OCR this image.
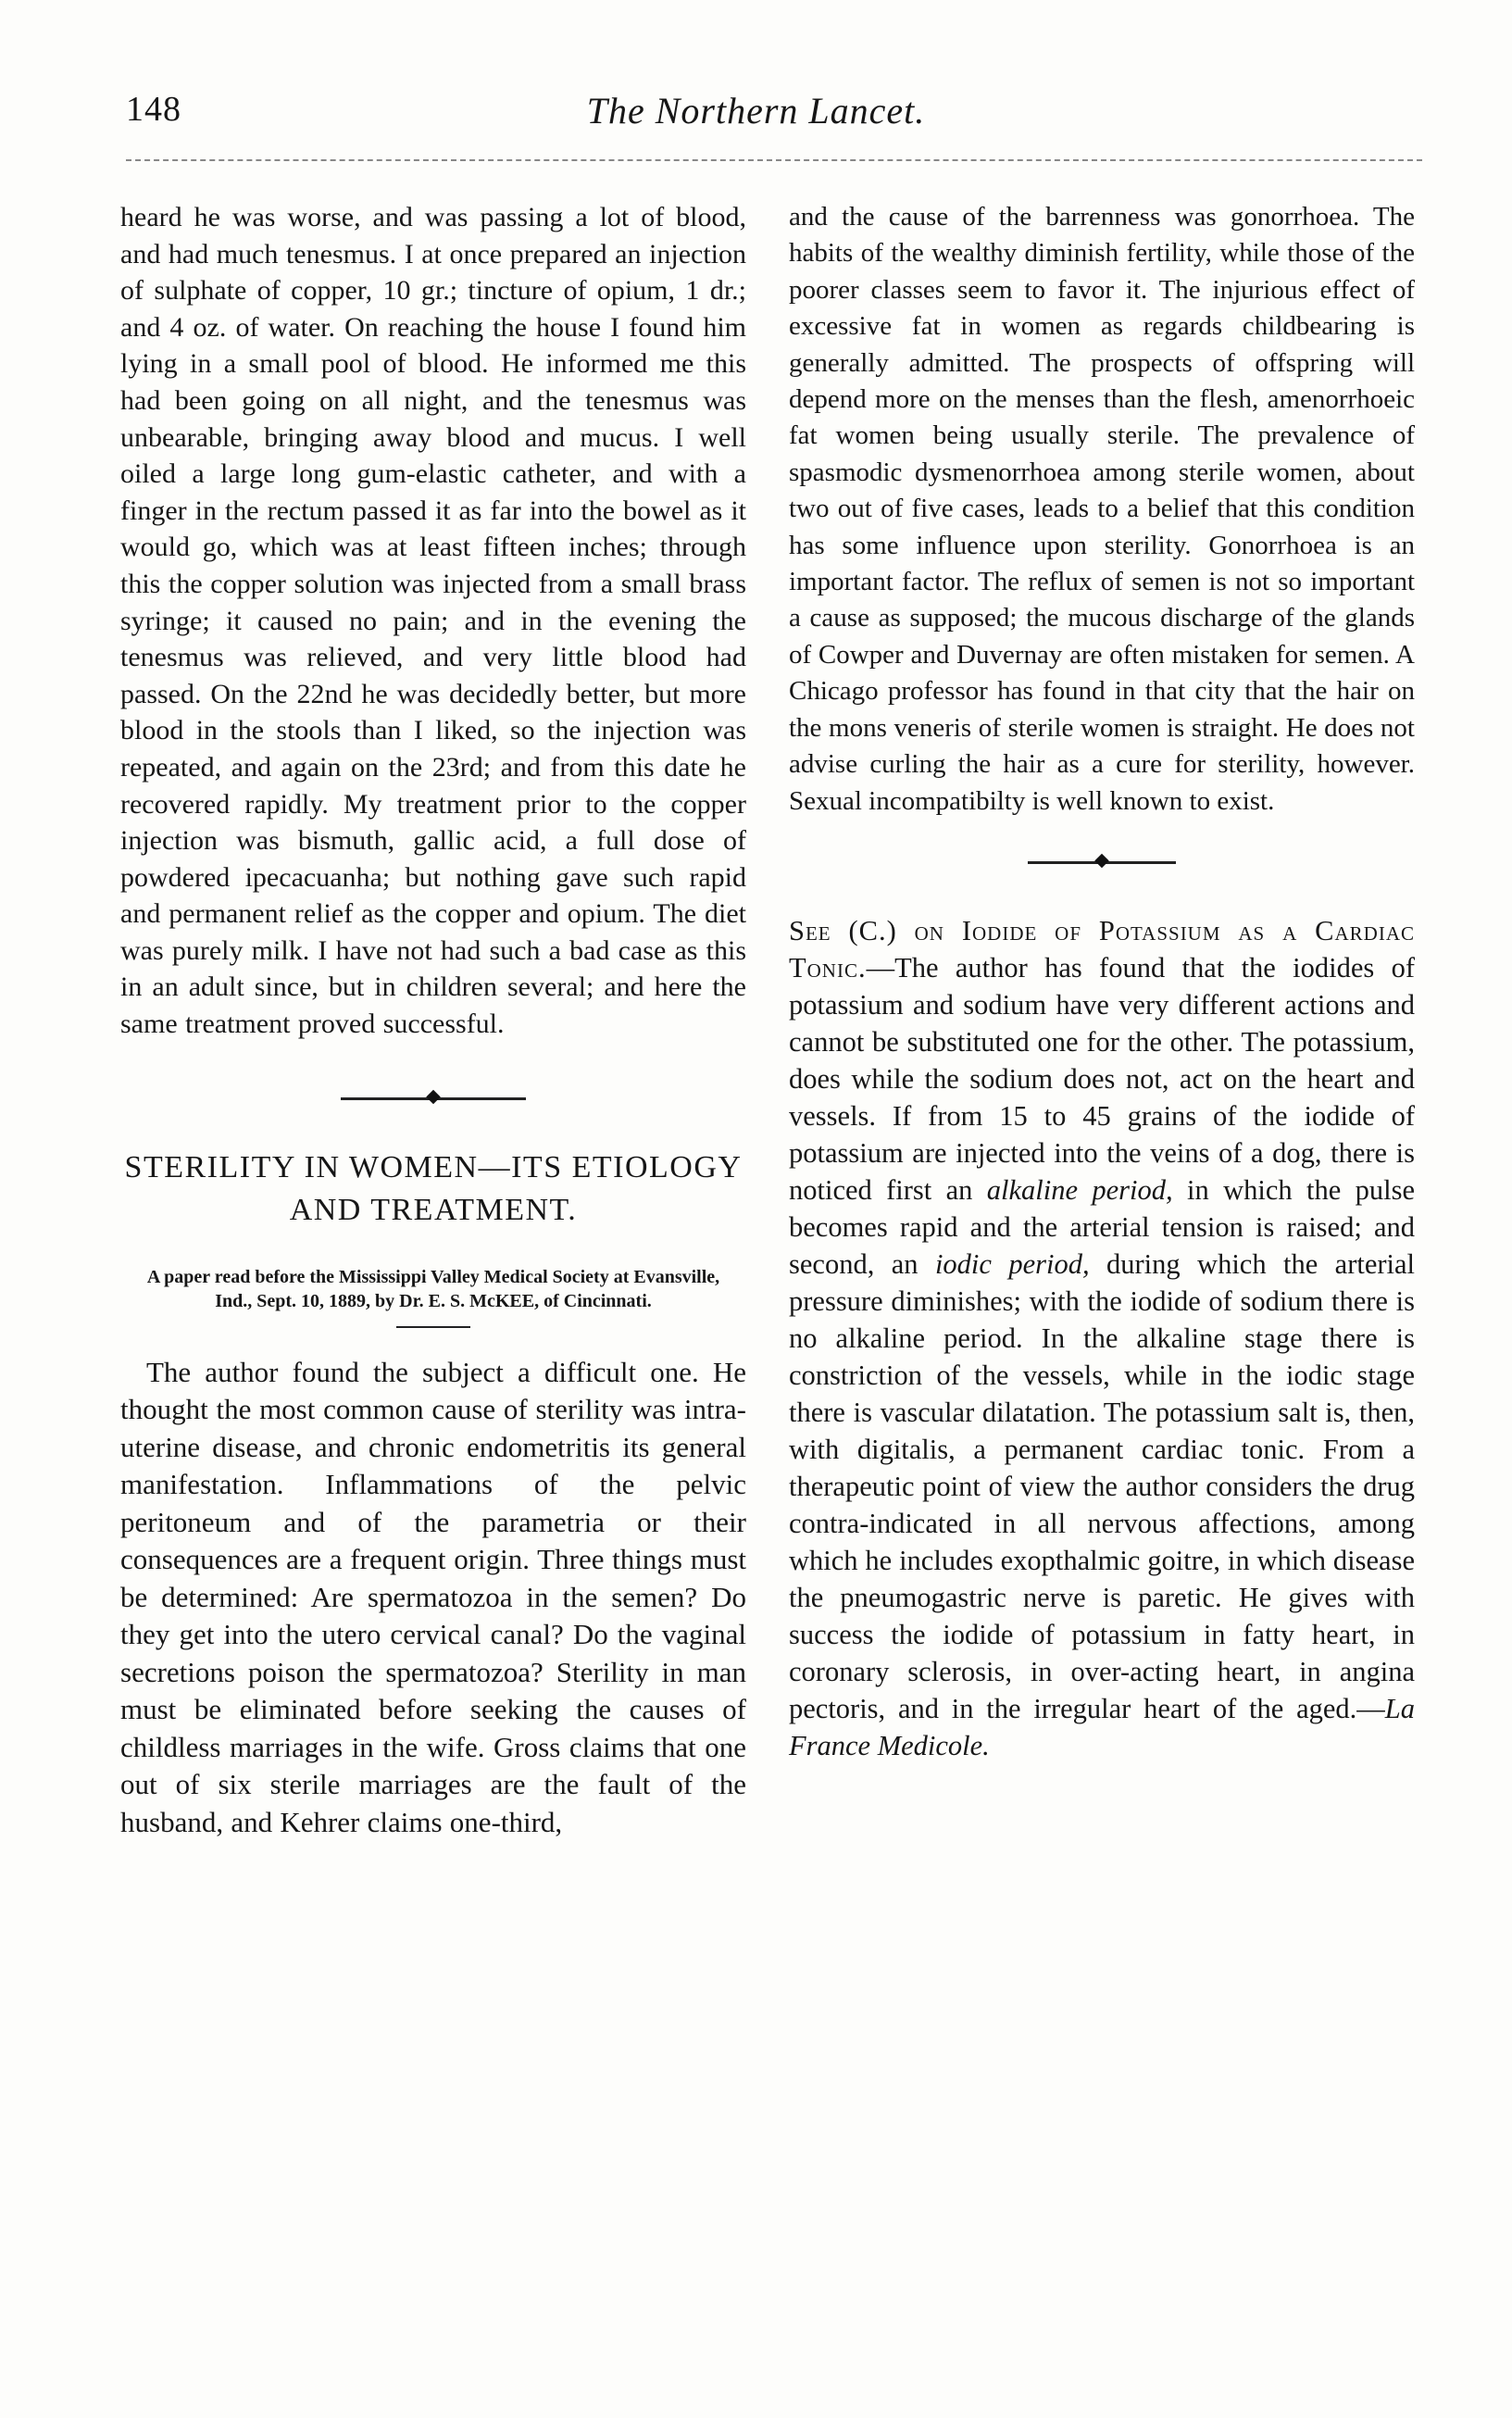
148	The Northern Lancet.

heard he was worse, and was passing a lot of blood, and had much tenesmus. I at once prepared an injection of sulphate of copper, 10 gr.; tincture of opium, 1 dr.; and 4 oz. of water. On reaching the house I found him lying in a small pool of blood. He informed me this had been going on all night, and the tenesmus was unbearable, bringing away blood and mucus. I well oiled a large long gum-elastic catheter, and with a finger in the rectum passed it as far into the bowel as it would go, which was at least fifteen inches; through this the copper solution was injected from a small brass syringe; it caused no pain; and in the evening the tenesmus was relieved, and very little blood had passed. On the 22nd he was decidedly better, but more blood in the stools than I liked, so the injection was repeated, and again on the 23rd; and from this date he recovered rapidly. My treatment prior to the copper injection was bismuth, gallic acid, a full dose of powdered ipecacuanha; but nothing gave such rapid and permanent relief as the copper and opium. The diet was purely milk. I have not had such a bad case as this in an adult since, but in children several; and here the same treatment proved successful.

STERILITY IN WOMEN—ITS ETIOLOGY AND TREATMENT.
A paper read before the Mississippi Valley Medical Society at Evansville, Ind., Sept. 10, 1889, by Dr. E. S. McKEE, of Cincinnati.

The author found the subject a difficult one. He thought the most common cause of sterility was intra-uterine disease, and chronic endometritis its general manifestation. Inflammations of the pelvic peritoneum and of the parametria or their consequences are a frequent origin. Three things must be determined: Are spermatozoa in the semen? Do they get into the utero cervical canal? Do the vaginal secretions poison the spermatozoa? Sterility in man must be eliminated before seeking the causes of childless marriages in the wife. Gross claims that one out of six sterile marriages are the fault of the husband, and Kehrer claims one-third,

and the cause of the barrenness was gonorrhoea. The habits of the wealthy diminish fertility, while those of the poorer classes seem to favor it. The injurious effect of excessive fat in women as regards childbearing is generally admitted. The prospects of offspring will depend more on the menses than the flesh, amenorrhoeic fat women being usually sterile. The prevalence of spasmodic dysmenorrhoea among sterile women, about two out of five cases, leads to a belief that this condition has some influence upon sterility. Gonorrhoea is an important factor. The reflux of semen is not so important a cause as supposed; the mucous discharge of the glands of Cowper and Duvernay are often mistaken for semen. A Chicago professor has found in that city that the hair on the mons veneris of sterile women is straight. He does not advise curling the hair as a cure for sterility, however. Sexual incompatibilty is well known to exist.

See (C.) on Iodide of Potassium as a Cardiac Tonic.—The author has found that the iodides of potassium and sodium have very different actions and cannot be substituted one for the other. The potassium, does while the sodium does not, act on the heart and vessels. If from 15 to 45 grains of the iodide of potassium are injected into the veins of a dog, there is noticed first an alkaline period, in which the pulse becomes rapid and the arterial tension is raised; and second, an iodic period, during which the arterial pressure diminishes; with the iodide of sodium there is no alkaline period. In the alkaline stage there is constriction of the vessels, while in the iodic stage there is vascular dilatation. The potassium salt is, then, with digitalis, a permanent cardiac tonic. From a therapeutic point of view the author considers the drug contra-indicated in all nervous affections, among which he includes exopthalmic goitre, in which disease the pneumogastric nerve is paretic. He gives with success the iodide of potassium in fatty heart, in coronary sclerosis, in over-acting heart, in angina pectoris, and in the irregular heart of the aged.—La France Medicole.
